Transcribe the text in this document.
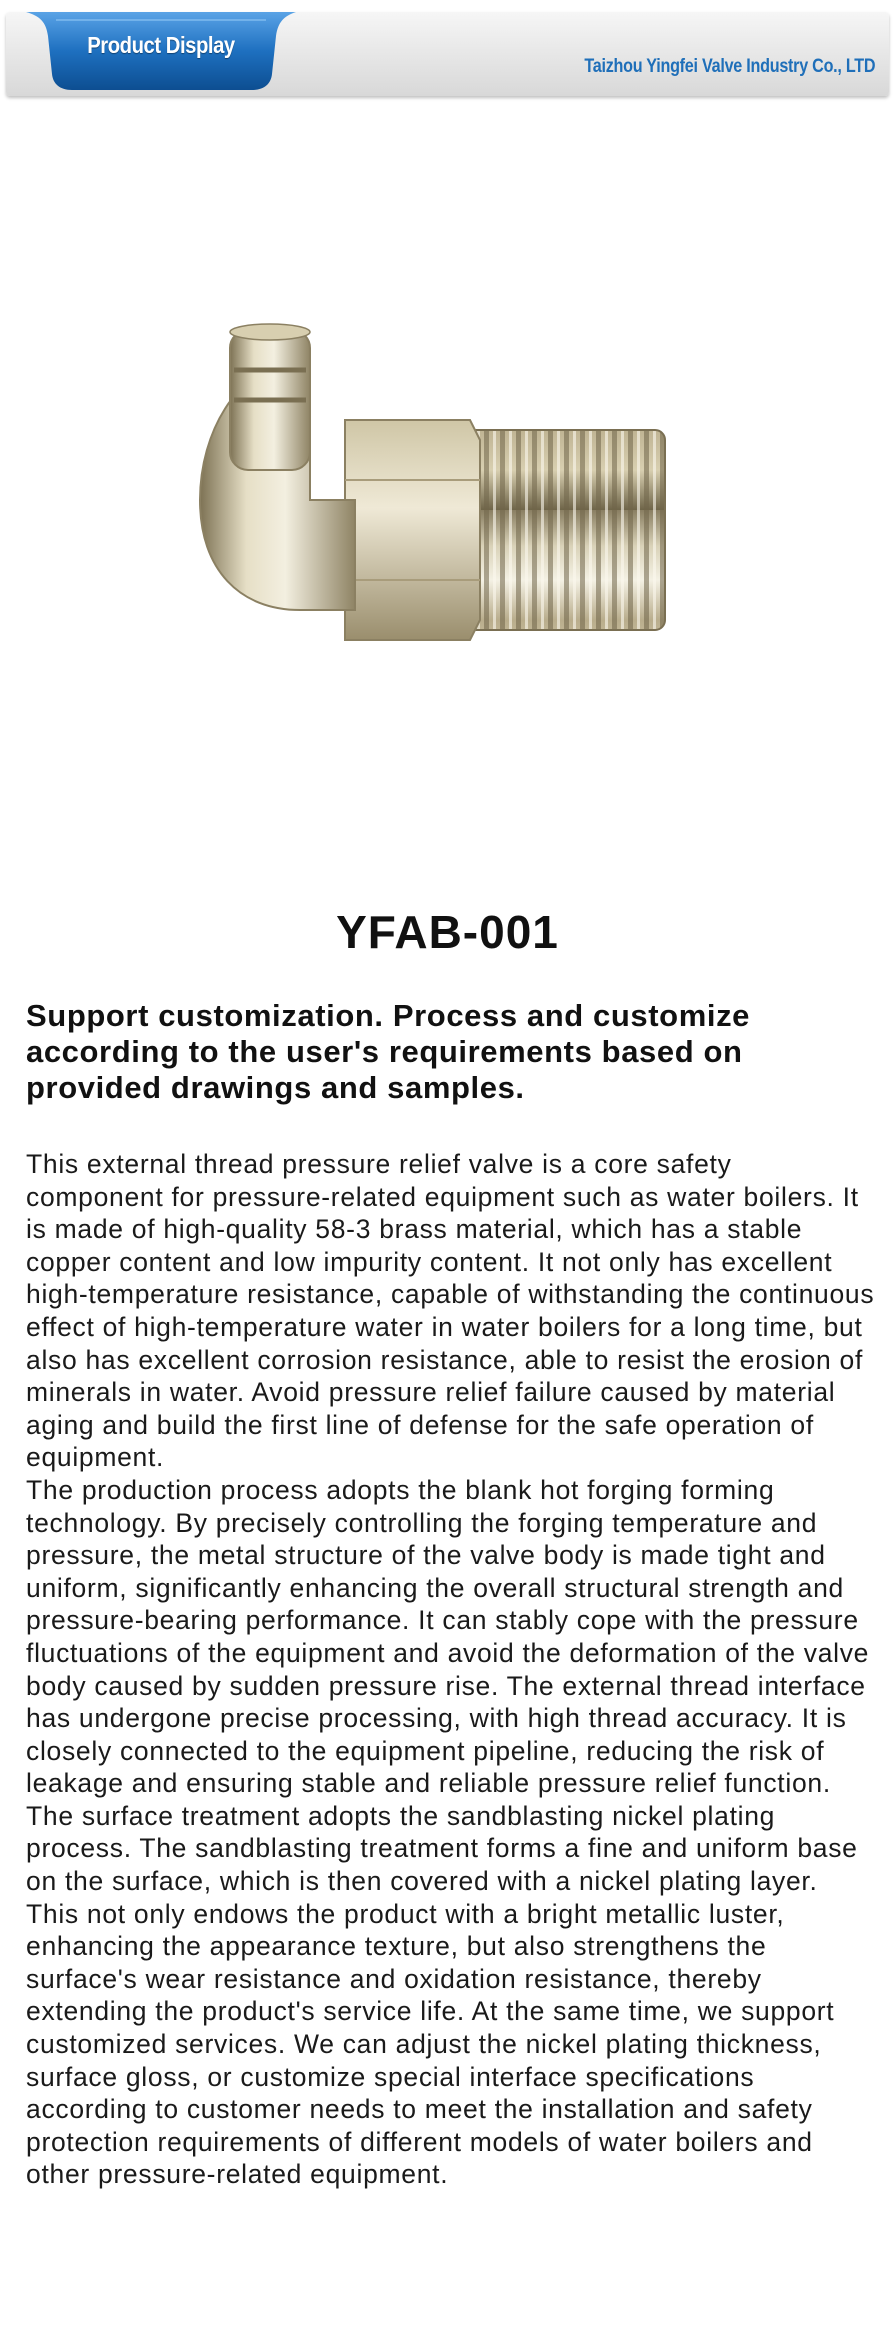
Product Display
Taizhou Yingfei Valve Industry Co., LTD
YFAB-001
Support customization. Process and customize according to the user's requirements based on provided drawings and samples.

This external thread pressure relief valve is a core safety component for pressure-related equipment such as water boilers. It is made of high-quality 58-3 brass material, which has a stable copper content and low impurity content. It not only has excellent high-temperature resistance, capable of withstanding the continuous effect of high-temperature water in water boilers for a long time, but also has excellent corrosion resistance, able to resist the erosion of minerals in water. Avoid pressure relief failure caused by material aging and build the first line of defense for the safe operation of equipment.

The production process adopts the blank hot forging forming technology. By precisely controlling the forging temperature and pressure, the metal structure of the valve body is made tight and uniform, significantly enhancing the overall structural strength and pressure-bearing performance. It can stably cope with the pressure fluctuations of the equipment and avoid the deformation of the valve body caused by sudden pressure rise. The external thread interface has undergone precise processing, with high thread accuracy. It is closely connected to the equipment pipeline, reducing the risk of leakage and ensuring stable and reliable pressure relief function.

The surface treatment adopts the sandblasting nickel plating process. The sandblasting treatment forms a fine and uniform base on the surface, which is then covered with a nickel plating layer. This not only endows the product with a bright metallic luster, enhancing the appearance texture, but also strengthens the surface's wear resistance and oxidation resistance, thereby extending the product's service life. At the same time, we support customized services. We can adjust the nickel plating thickness, surface gloss, or customize special interface specifications according to customer needs to meet the installation and safety protection requirements of different models of water boilers and other pressure-related equipment.
